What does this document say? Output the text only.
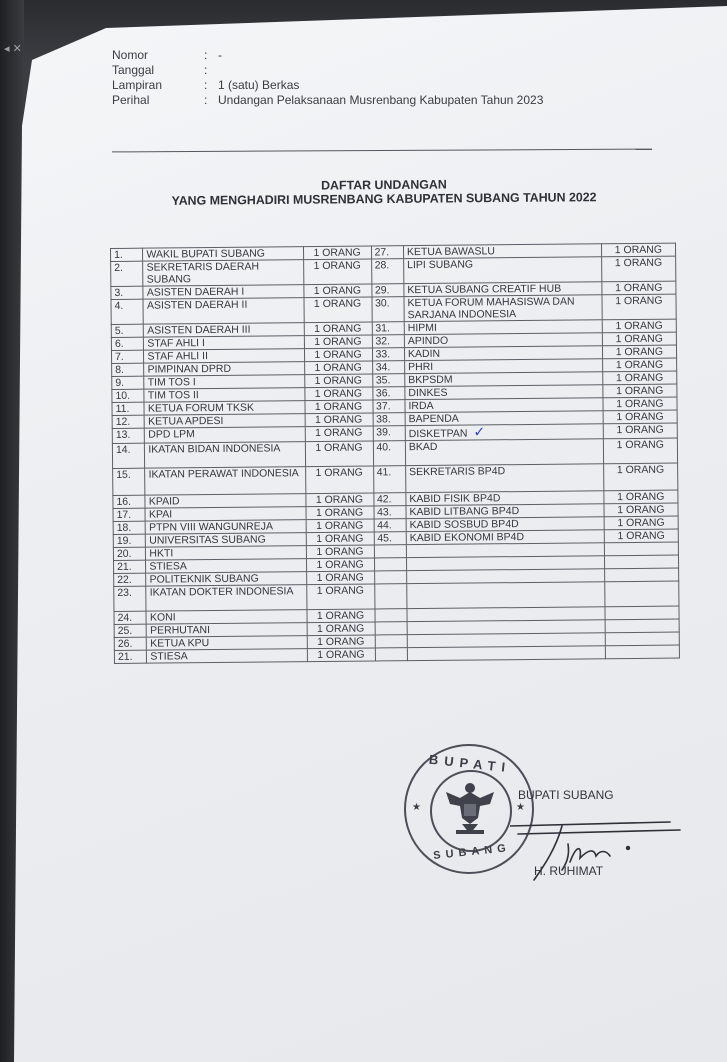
◂ ✕	Nomor	: -
Tanggal	:
Lampiran	: 1 (satu) Berkas
Perihal	: Undangan Pelaksanaan Musrenbang Kabupaten Tahun 2023
DAFTAR UNDANGAN
YANG MENGHADIRI MUSRENBANG KABUPATEN SUBANG TAHUN 2022
1.	WAKIL BUPATI SUBANG	1 ORANG	27.	KETUA BAWASLU	1 ORANG
2.	SEKRETARIS DAERAH SUBANG	1 ORANG	28.	LIPI SUBANG	1 ORANG
3.	ASISTEN DAERAH I	1 ORANG	29.	KETUA SUBANG CREATIF HUB	1 ORANG
4.	ASISTEN DAERAH II	1 ORANG	30.	KETUA FORUM MAHASISWA DAN SARJANA INDONESIA	1 ORANG
5.	ASISTEN DAERAH III	1 ORANG	31.	HIPMI	1 ORANG
6.	STAF AHLI I	1 ORANG	32.	APINDO	1 ORANG
7.	STAF AHLI II	1 ORANG	33.	KADIN	1 ORANG
8.	PIMPINAN DPRD	1 ORANG	34.	PHRI	1 ORANG
9.	TIM TOS I	1 ORANG	35.	BKPSDM	1 ORANG
10.	TIM TOS II	1 ORANG	36.	DINKES	1 ORANG
11.	KETUA FORUM TKSK	1 ORANG	37.	IRDA	1 ORANG
12.	KETUA APDESI	1 ORANG	38.	BAPENDA	1 ORANG
13.	DPD LPM	1 ORANG	39.	DISKETPAN ✓	1 ORANG
14.	IKATAN BIDAN INDONESIA	1 ORANG	40.	BKAD	1 ORANG
15.	IKATAN PERAWAT INDONESIA	1 ORANG	41.	SEKRETARIS BP4D	1 ORANG
16.	KPAID	1 ORANG	42.	KABID FISIK BP4D	1 ORANG
17.	KPAI	1 ORANG	43.	KABID LITBANG BP4D	1 ORANG
18.	PTPN VIII WANGUNREJA	1 ORANG	44.	KABID SOSBUD BP4D	1 ORANG
19.	UNIVERSITAS SUBANG	1 ORANG	45.	KABID EKONOMI BP4D	1 ORANG
20.	HKTI	1 ORANG			
21.	STIESA	1 ORANG			
22.	POLITEKNIK SUBANG	1 ORANG			
23.	IKATAN DOKTER INDONESIA	1 ORANG			
24.	KONI	1 ORANG			
25.	PERHUTANI	1 ORANG			
26.	KETUA KPU	1 ORANG			
21.	STIESA	1 ORANG			
BUPATI
★	★
SUBANG
BUPATI SUBANG
H. RUHIMAT
